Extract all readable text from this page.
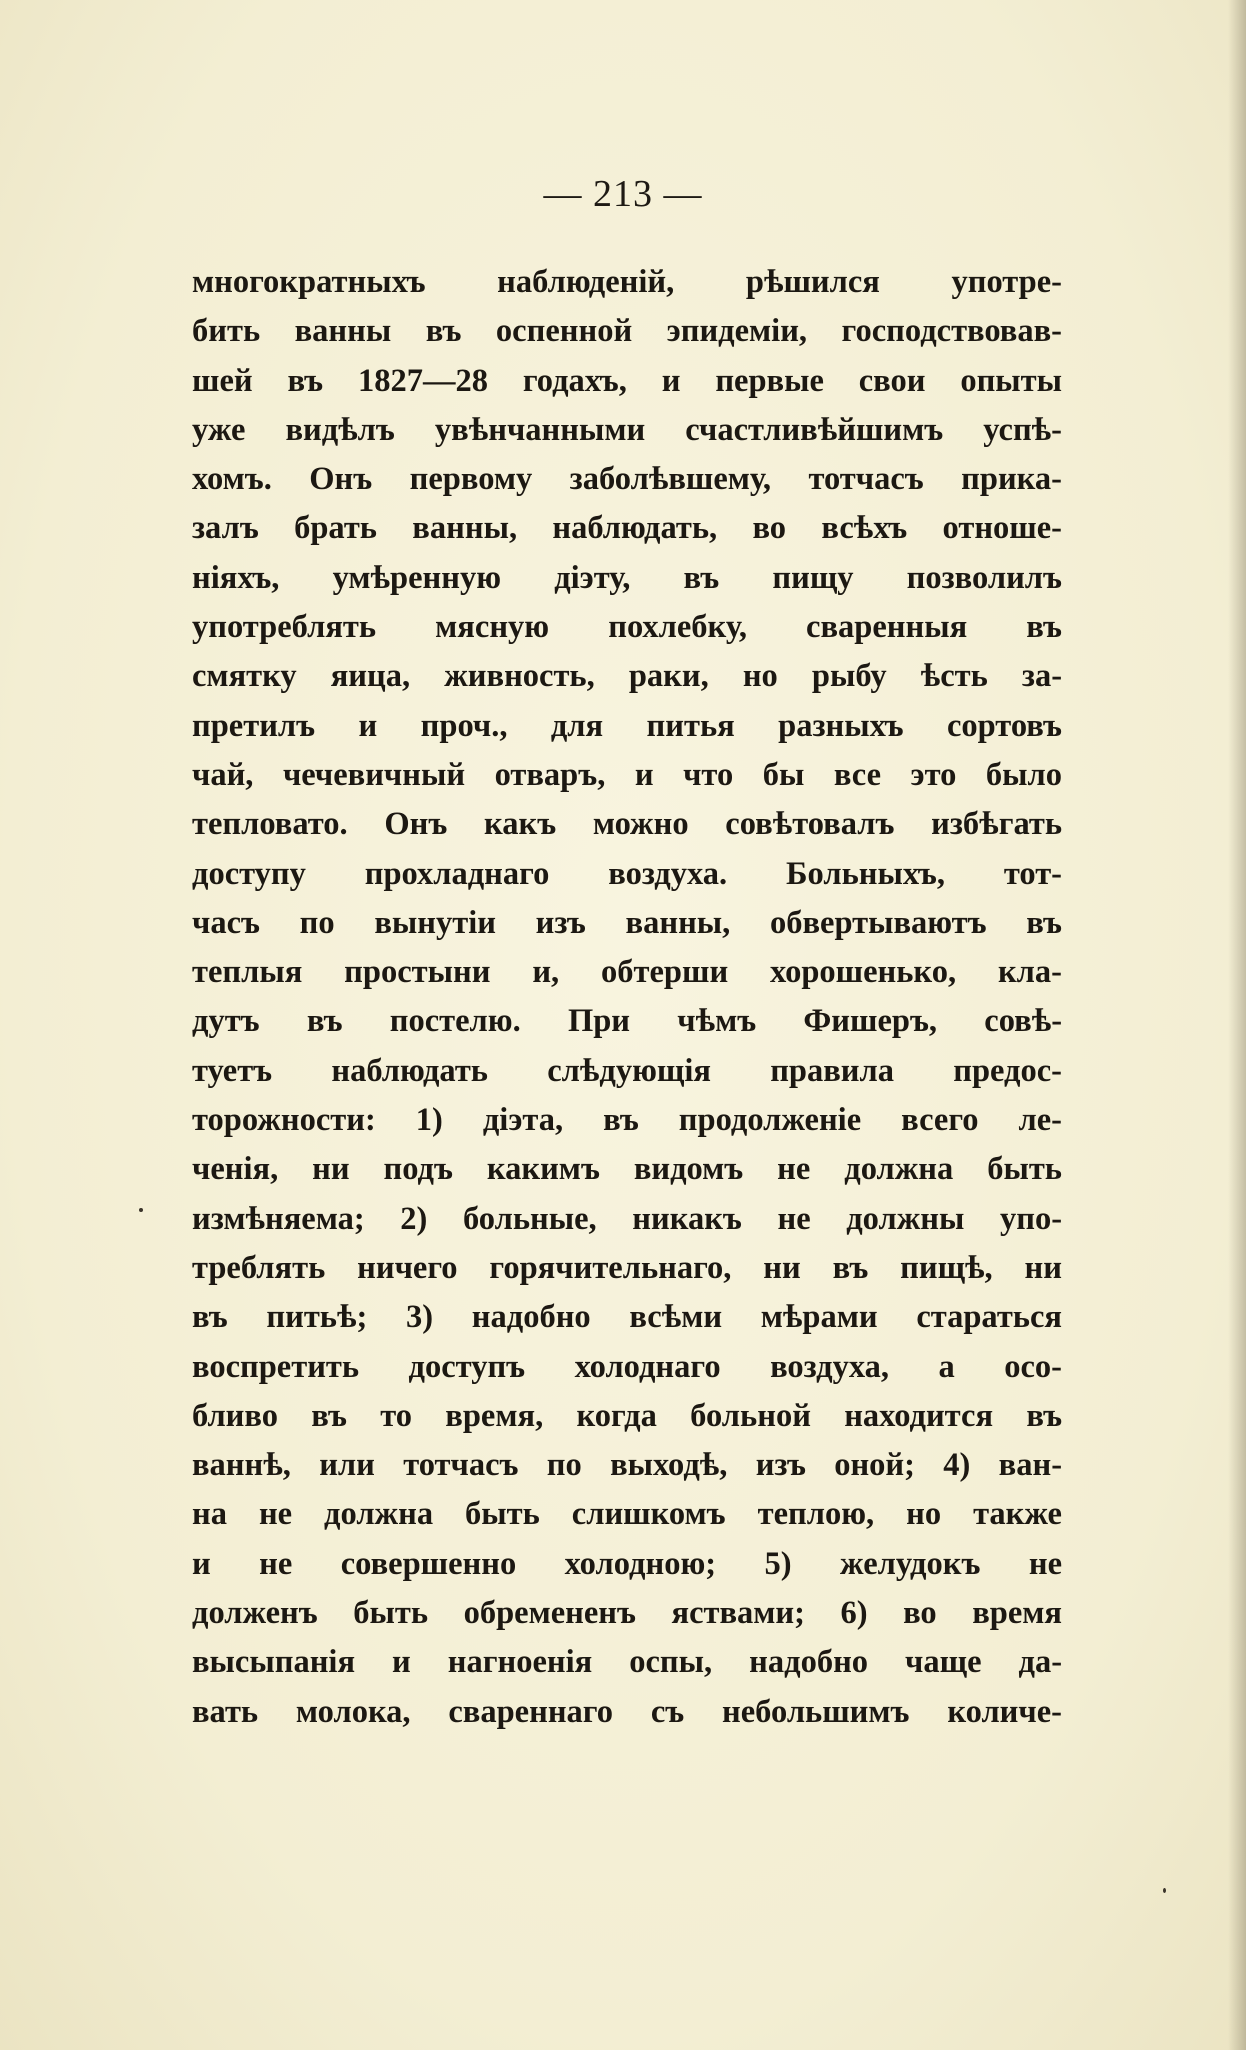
— 213 —
многократныхъ наблюденій, рѣшился употре-
бить ванны въ оспенной эпидеміи, господствовав-
шей въ 1827—28 годахъ, и первые свои опыты
уже видѣлъ увѣнчанными счастливѣйшимъ успѣ-
хомъ. Онъ первому заболѣвшему, тотчасъ прика-
залъ брать ванны, наблюдать, во всѣхъ отноше-
ніяхъ, умѣренную діэту, въ пищу позволилъ
употреблять мясную похлебку, сваренныя въ
смятку яица, живность, раки, но рыбу ѣсть за-
претилъ и проч., для питья разныхъ сортовъ
чай, чечевичный отваръ, и что бы все это было
тепловато. Онъ какъ можно совѣтовалъ избѣгать
доступу прохладнаго воздуха. Больныхъ, тот-
часъ по вынутіи изъ ванны, обвертываютъ въ
теплыя простыни и, обтерши хорошенько, кла-
дутъ въ постелю. При чѣмъ Фишеръ, совѣ-
туетъ наблюдать слѣдующія правила предос-
торожности: 1) діэта, въ продолженіе всего ле-
ченія, ни подъ какимъ видомъ не должна быть
измѣняема; 2) больные, никакъ не должны упо-
треблять ничего горячительнаго, ни въ пищѣ, ни
въ питьѣ; 3) надобно всѣми мѣрами стараться
воспретить доступъ холоднаго воздуха, а осо-
бливо въ то время, когда больной находится въ
ваннѣ, или тотчасъ по выходѣ, изъ оной; 4) ван-
на не должна быть слишкомъ теплою, но также
и не совершенно холодною; 5) желудокъ не
долженъ быть обремененъ яствами; 6) во время
высыпанія и нагноенія оспы, надобно чаще да-
вать молока, свареннаго съ небольшимъ количе-
